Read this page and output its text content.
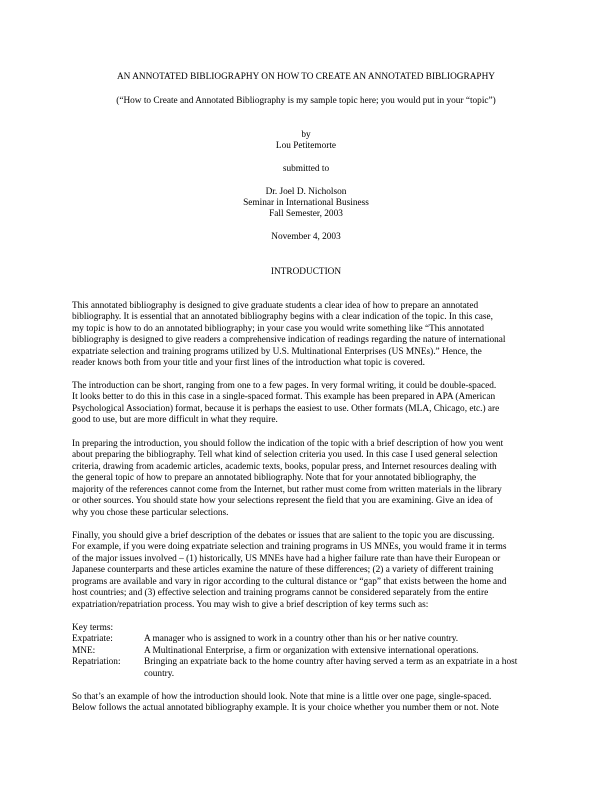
AN ANNOTATED BIBLIOGRAPHY ON HOW TO CREATE AN ANNOTATED BIBLIOGRAPHY
(“How to Create and Annotated Bibliography is my sample topic here; you would put in your “topic”)
by
Lou Petitemorte
submitted to
Dr. Joel D. Nicholson
Seminar in International Business
Fall Semester, 2003
November 4, 2003
INTRODUCTION
This annotated bibliography is designed to give graduate students a clear idea of how to prepare an annotated
bibliography. It is essential that an annotated bibliography begins with a clear indication of the topic. In this case,
my topic is how to do an annotated bibliography; in your case you would write something like “This annotated
bibliography is designed to give readers a comprehensive indication of readings regarding the nature of international
expatriate selection and training programs utilized by U.S. Multinational Enterprises (US MNEs).” Hence, the
reader knows both from your title and your first lines of the introduction what topic is covered.
The introduction can be short, ranging from one to a few pages. In very formal writing, it could be double-spaced.
It looks better to do this in this case in a single-spaced format. This example has been prepared in APA (American
Psychological Association) format, because it is perhaps the easiest to use. Other formats (MLA, Chicago, etc.) are
good to use, but are more difficult in what they require.
In preparing the introduction, you should follow the indication of the topic with a brief description of how you went
about preparing the bibliography. Tell what kind of selection criteria you used. In this case I used general selection
criteria, drawing from academic articles, academic texts, books, popular press, and Internet resources dealing with
the general topic of how to prepare an annotated bibliography. Note that for your annotated bibliography, the
majority of the references cannot come from the Internet, but rather must come from written materials in the library
or other sources. You should state how your selections represent the field that you are examining. Give an idea of
why you chose these particular selections.
Finally, you should give a brief description of the debates or issues that are salient to the topic you are discussing.
For example, if you were doing expatriate selection and training programs in US MNEs, you would frame it in terms
of the major issues involved – (1) historically, US MNEs have had a higher failure rate than have their European or
Japanese counterparts and these articles examine the nature of these differences; (2) a variety of different training
programs are available and vary in rigor according to the cultural distance or “gap” that exists between the home and
host countries; and (3) effective selection and training programs cannot be considered separately from the entire
expatriation/repatriation process. You may wish to give a brief description of key terms such as:
Key terms:
Expatriate:	A manager who is assigned to work in a country other than his or her native country.
MNE:	A Multinational Enterprise, a firm or organization with extensive international operations.
Repatriation:	Bringing an expatriate back to the home country after having served a term as an expatriate in a host country.
So that’s an example of how the introduction should look. Note that mine is a little over one page, single-spaced.
Below follows the actual annotated bibliography example. It is your choice whether you number them or not. Note
